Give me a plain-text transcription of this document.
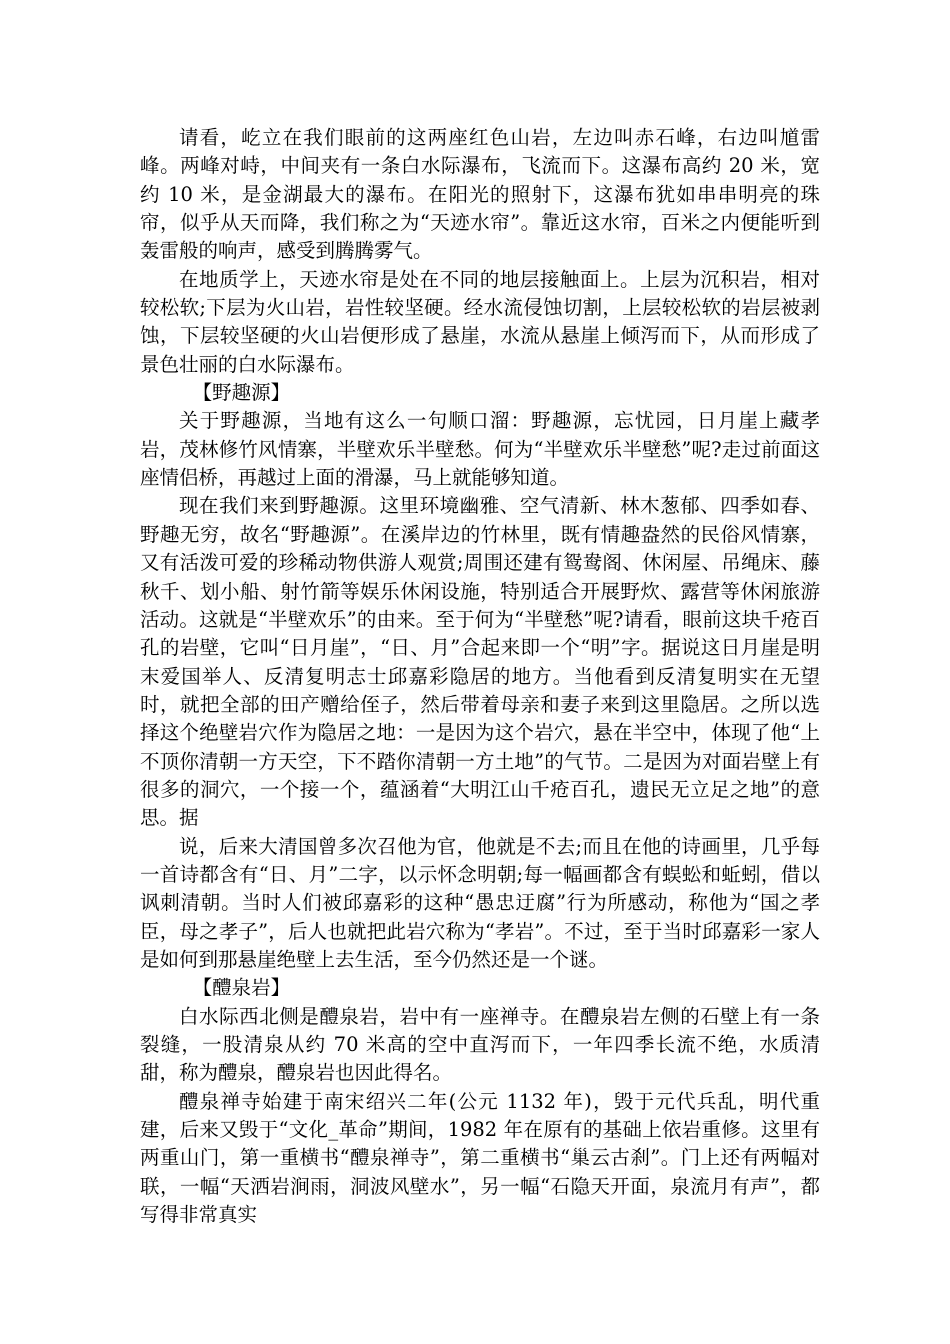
请看，屹立在我们眼前的这两座红色山岩，左边叫赤石峰，右边叫馗雷峰。两峰对峙，中间夹有一条白水际瀑布，飞流而下。这瀑布高约 20 米，宽约 10 米，是金湖最大的瀑布。在阳光的照射下，这瀑布犹如串串明亮的珠帘，似乎从天而降，我们称之为“天迹水帘”。靠近这水帘，百米之内便能听到轰雷般的响声，感受到腾腾雾气。

在地质学上，天迹水帘是处在不同的地层接触面上。上层为沉积岩，相对较松软;下层为火山岩，岩性较坚硬。经水流侵蚀切割，上层较松软的岩层被剥蚀，下层较坚硬的火山岩便形成了悬崖，水流从悬崖上倾泻而下，从而形成了景色壮丽的白水际瀑布。

【野趣源】

关于野趣源，当地有这么一句顺口溜：野趣源，忘忧园，日月崖上藏孝岩，茂林修竹风情寨，半壁欢乐半壁愁。何为“半壁欢乐半壁愁”呢?走过前面这座情侣桥，再越过上面的滑瀑，马上就能够知道。

现在我们来到野趣源。这里环境幽雅、空气清新、林木葱郁、四季如春、野趣无穷，故名“野趣源”。在溪岸边的竹林里，既有情趣盎然的民俗风情寨，又有活泼可爱的珍稀动物供游人观赏;周围还建有鸳鸯阁、休闲屋、吊绳床、藤秋千、划小船、射竹箭等娱乐休闲设施，特别适合开展野炊、露营等休闲旅游活动。这就是“半壁欢乐”的由来。至于何为“半壁愁”呢?请看，眼前这块千疮百孔的岩壁，它叫“日月崖”，“日、月”合起来即一个“明”字。据说这日月崖是明末爱国举人、反清复明志士邱嘉彩隐居的地方。当他看到反清复明实在无望时，就把全部的田产赠给侄子，然后带着母亲和妻子来到这里隐居。之所以选择这个绝壁岩穴作为隐居之地：一是因为这个岩穴，悬在半空中，体现了他“上不顶你清朝一方天空，下不踏你清朝一方土地”的气节。二是因为对面岩壁上有很多的洞穴，一个接一个，蕴涵着“大明江山千疮百孔，遗民无立足之地”的意思。据

说，后来大清国曾多次召他为官，他就是不去;而且在他的诗画里，几乎每一首诗都含有“日、月”二字，以示怀念明朝;每一幅画都含有蜈蚣和蚯蚓，借以讽刺清朝。当时人们被邱嘉彩的这种“愚忠迂腐”行为所感动，称他为“国之孝臣，母之孝子”，后人也就把此岩穴称为“孝岩”。不过，至于当时邱嘉彩一家人是如何到那悬崖绝壁上去生活，至今仍然还是一个谜。

【醴泉岩】

白水际西北侧是醴泉岩，岩中有一座禅寺。在醴泉岩左侧的石壁上有一条裂缝，一股清泉从约 70 米高的空中直泻而下，一年四季长流不绝，水质清甜，称为醴泉，醴泉岩也因此得名。

醴泉禅寺始建于南宋绍兴二年(公元 1132 年)，毁于元代兵乱，明代重建，后来又毁于“文化_革命”期间，1982 年在原有的基础上依岩重修。这里有两重山门，第一重横书“醴泉禅寺”，第二重横书“巢云古刹”。门上还有两幅对联，一幅“天洒岩涧雨，洞波风壁水”，另一幅“石隐天开面，泉流月有声”，都写得非常真实
